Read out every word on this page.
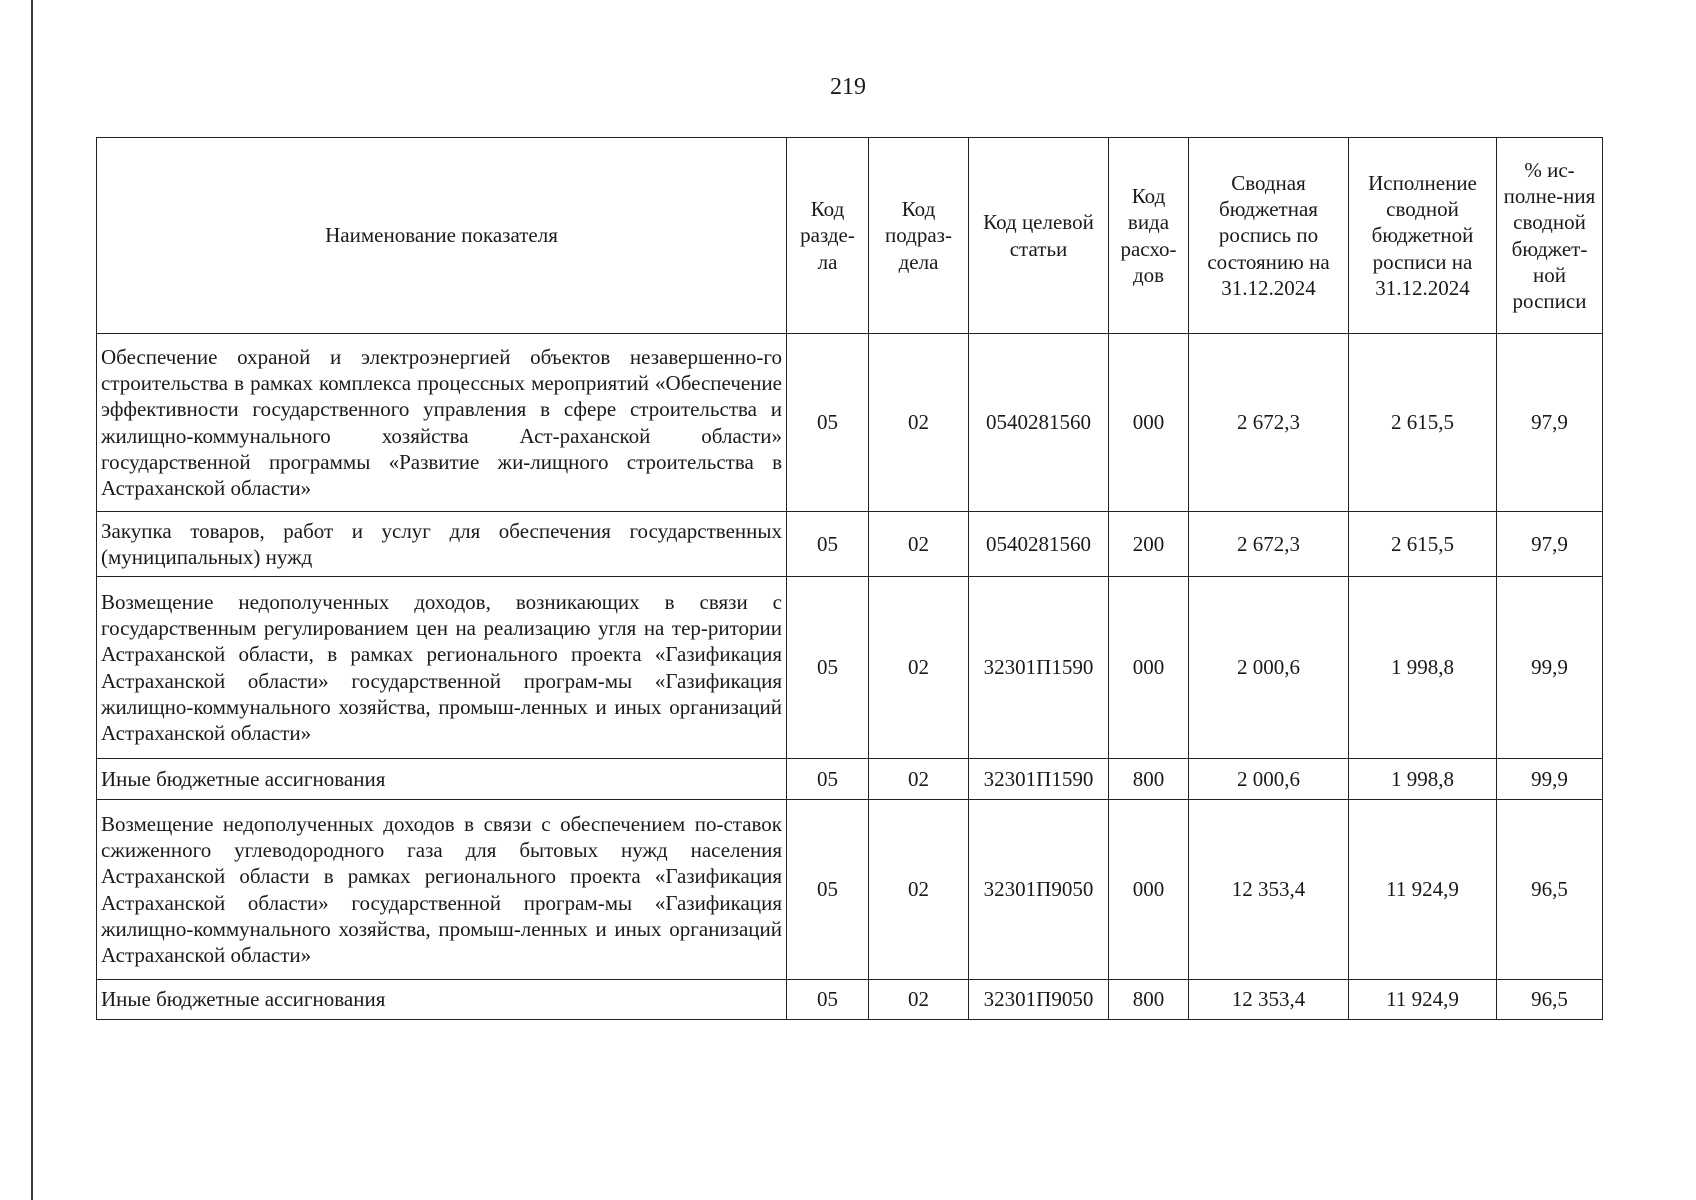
219
Наименование показателя	Код разде-ла	Код подраз-дела	Код целевой статьи	Код вида расхо-дов	Сводная бюджетная роспись по состоянию на 31.12.2024	Исполнение сводной бюджетной росписи на 31.12.2024	% ис-полне-ния сводной бюджет-ной росписи
Обеспечение охраной и электроэнергией объектов незавершенно-го строительства в рамках комплекса процессных мероприятий «Обеспечение эффективности государственного управления в сфере строительства и жилищно-коммунального хозяйства Аст-раханской области» государственной программы «Развитие жи-лищного строительства в Астраханской области»	05	02	0540281560	000	2 672,3	2 615,5	97,9
Закупка товаров, работ и услуг для обеспечения государственных (муниципальных) нужд	05	02	0540281560	200	2 672,3	2 615,5	97,9
Возмещение недополученных доходов, возникающих в связи с государственным регулированием цен на реализацию угля на тер-ритории Астраханской области, в рамках регионального проекта «Газификация Астраханской области» государственной програм-мы «Газификация жилищно-коммунального хозяйства, промыш-ленных и иных организаций Астраханской области»	05	02	32301П1590	000	2 000,6	1 998,8	99,9
Иные бюджетные ассигнования	05	02	32301П1590	800	2 000,6	1 998,8	99,9
Возмещение недополученных доходов в связи с обеспечением по-ставок сжиженного углеводородного газа для бытовых нужд населения Астраханской области в рамках регионального проекта «Газификация Астраханской области» государственной програм-мы «Газификация жилищно-коммунального хозяйства, промыш-ленных и иных организаций Астраханской области»	05	02	32301П9050	000	12 353,4	11 924,9	96,5
Иные бюджетные ассигнования	05	02	32301П9050	800	12 353,4	11 924,9	96,5
